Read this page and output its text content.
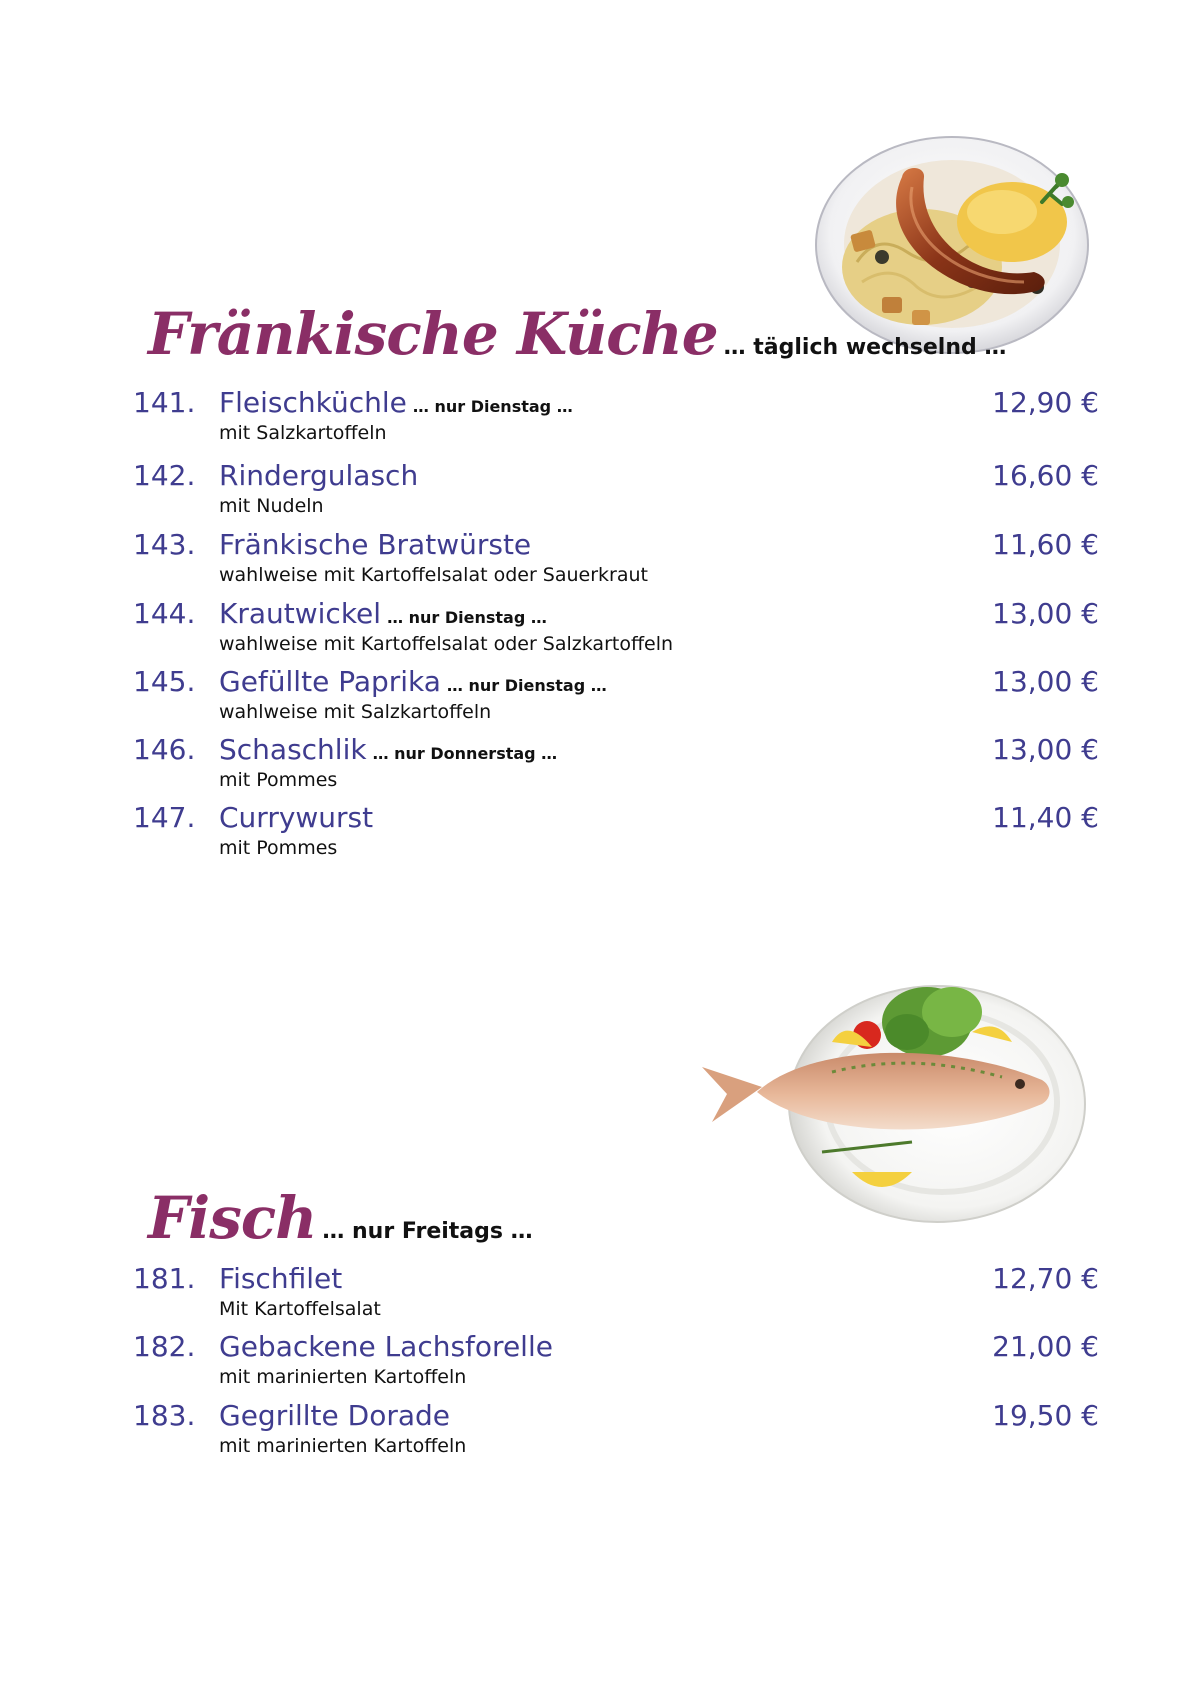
Fränkische Küche … täglich wechselnd …
141. Fleischküchle … nur Dienstag …
mit Salzkartoffeln
12,90 €
142. Rindergulasch
mit Nudeln
16,60 €
143. Fränkische Bratwürste
wahlweise mit Kartoffelsalat oder Sauerkraut
11,60 €
144. Krautwickel … nur Dienstag …
wahlweise mit Kartoffelsalat oder Salzkartoffeln
13,00 €
145. Gefüllte Paprika … nur Dienstag …
wahlweise mit Salzkartoffeln
13,00 €
146. Schaschlik … nur Donnerstag …
mit Pommes
13,00 €
147. Currywurst
mit Pommes
11,40 €
Fisch … nur Freitags …
181. Fischfilet
Mit Kartoffelsalat
12,70 €
182. Gebackene Lachsforelle
mit marinierten Kartoffeln
21,00 €
183. Gegrillte Dorade
mit marinierten Kartoffeln
19,50 €
